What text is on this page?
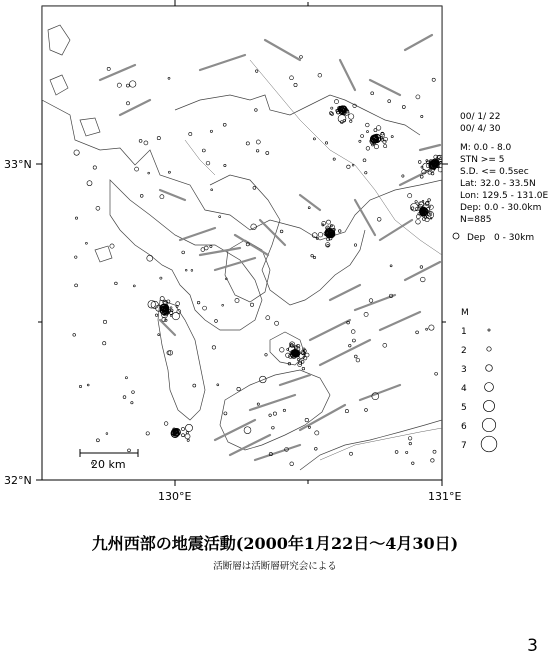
33°N
32°N
130°E	131°E
20 km
00/ 1/ 22
00/ 4/ 30
M: 0.0 - 8.0
STN >= 5
S.D. <= 0.5sec
Lat: 32.0 - 33.5N
Lon: 129.5 - 131.0E
Dep: 0.0 - 30.0km
N=885
Dep 0 - 30km
M
1
2
3
4
5
6
7
九州西部の地震活動(2000年1月22日～4月30日)
活断層は活断層研究会による
3
